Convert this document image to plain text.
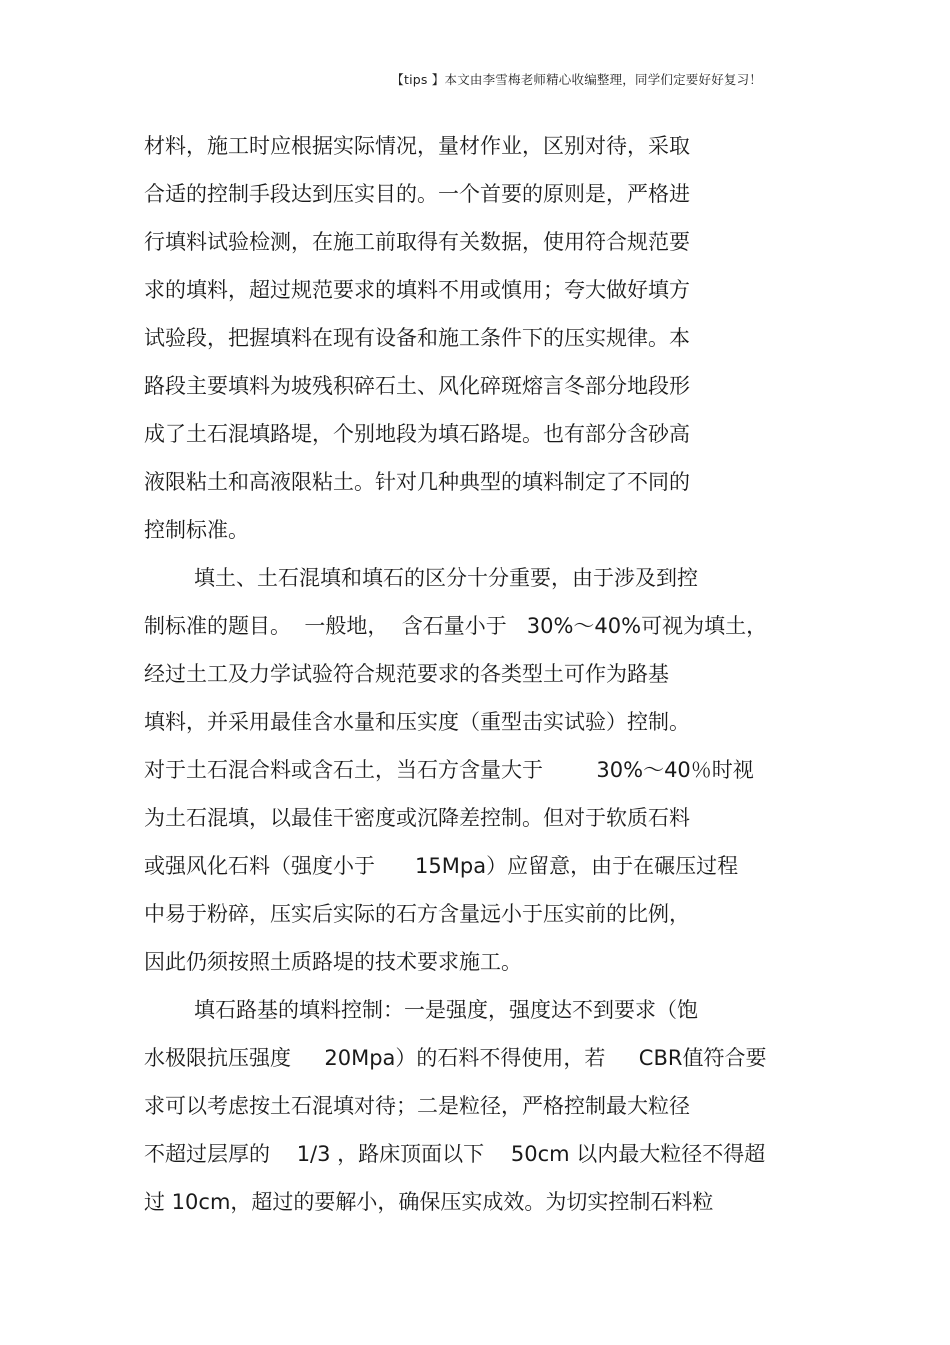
【tips 】本文由李雪梅老师精心收编整理，同学们定要好好复习！
材料，施工时应根据实际情况，量材作业，区别对待，采取
合适的控制手段达到压实目的。一个首要的原则是，严格进
行填料试验检测，在施工前取得有关数据，使用符合规范要
求的填料，超过规范要求的填料不用或慎用；夸大做好填方
试验段，把握填料在现有设备和施工条件下的压实规律。本
路段主要填料为坡残积碎石土、风化碎斑熔言冬部分地段形
成了土石混填路堤，个别地段为填石路堤。也有部分含砂高
液限粘土和高液限粘土。针对几种典型的填料制定了不同的
控制标准。
填土、土石混填和填石的区分十分重要，由于涉及到控
制标准的题目。  一般地，  含石量小于   30%～40%可视为填土，
经过土工及力学试验符合规范要求的各类型土可作为路基
填料，并采用最佳含水量和压实度（重型击实试验）控制。
对于土石混合料或含石土，当石方含量大于        30%～40％时视
为土石混填，以最佳干密度或沉降差控制。但对于软质石料
或强风化石料（强度小于      15Mpa）应留意，由于在碾压过程
中易于粉碎，压实后实际的石方含量远小于压实前的比例，
因此仍须按照土质路堤的技术要求施工。
填石路基的填料控制：一是强度，强度达不到要求（饱
水极限抗压强度     20Mpa）的石料不得使用，若     CBR值符合要
求可以考虑按土石混填对待；二是粒径，严格控制最大粒径
不超过层厚的    1/3 ，路床顶面以下    50cm 以内最大粒径不得超
过 10cm，超过的要解小，确保压实成效。为切实控制石料粒
